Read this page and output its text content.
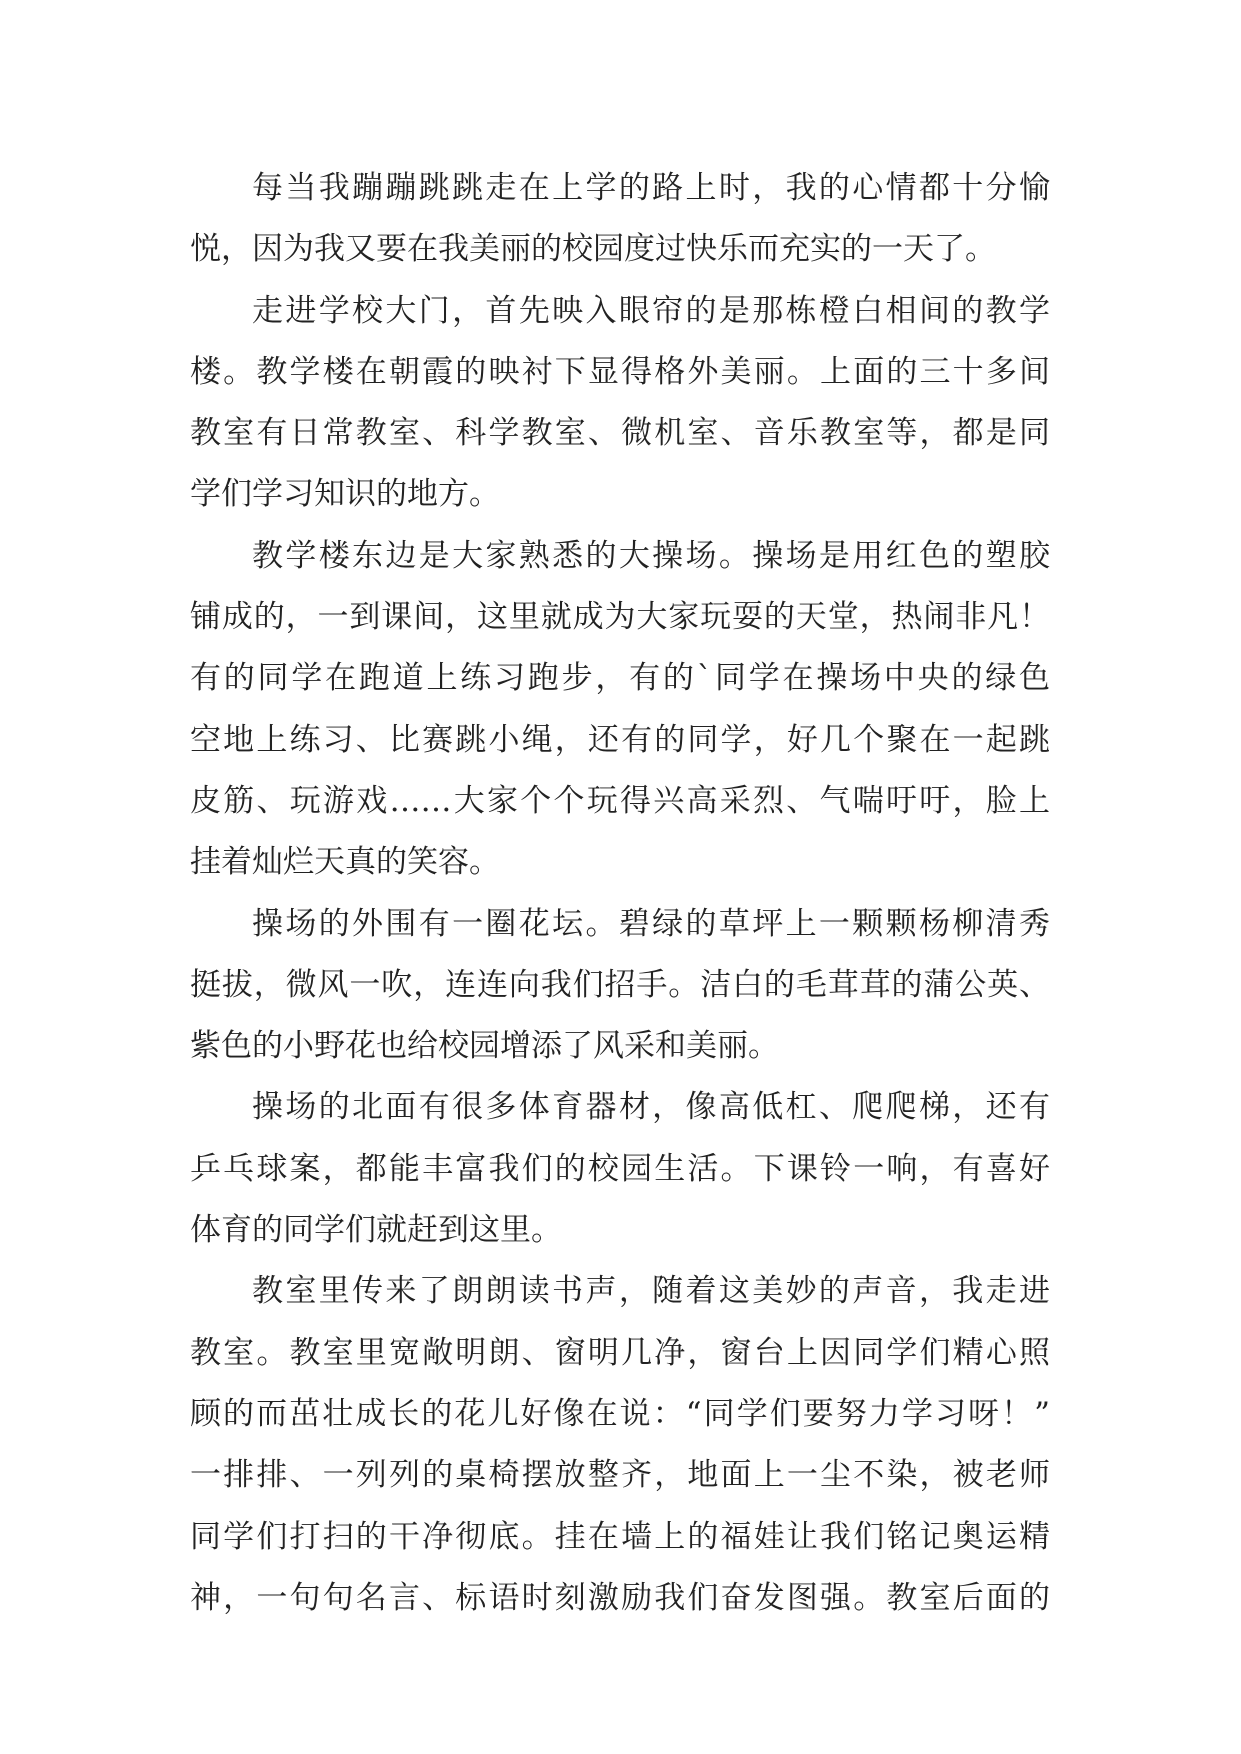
每当我蹦蹦跳跳走在上学的路上时，我的心情都十分愉
悦，因为我又要在我美丽的校园度过快乐而充实的一天了。
走进学校大门，首先映入眼帘的是那栋橙白相间的教学
楼。教学楼在朝霞的映衬下显得格外美丽。上面的三十多间
教室有日常教室、科学教室、微机室、音乐教室等，都是同
学们学习知识的地方。
教学楼东边是大家熟悉的大操场。操场是用红色的塑胶
铺成的，一到课间，这里就成为大家玩耍的天堂，热闹非凡！
有的同学在跑道上练习跑步，有的`同学在操场中央的绿色
空地上练习、比赛跳小绳，还有的同学，好几个聚在一起跳
皮筋、玩游戏……大家个个玩得兴高采烈、气喘吁吁，脸上
挂着灿烂天真的笑容。
操场的外围有一圈花坛。碧绿的草坪上一颗颗杨柳清秀
挺拔，微风一吹，连连向我们招手。洁白的毛茸茸的蒲公英、
紫色的小野花也给校园增添了风采和美丽。
操场的北面有很多体育器材，像高低杠、爬爬梯，还有
乒乓球案，都能丰富我们的校园生活。下课铃一响，有喜好
体育的同学们就赶到这里。
教室里传来了朗朗读书声，随着这美妙的声音，我走进
教室。教室里宽敞明朗、窗明几净，窗台上因同学们精心照
顾的而茁壮成长的花儿好像在说：“同学们要努力学习呀！”
一排排、一列列的桌椅摆放整齐，地面上一尘不染，被老师
同学们打扫的干净彻底。挂在墙上的福娃让我们铭记奥运精
神，一句句名言、标语时刻激励我们奋发图强。教室后面的
